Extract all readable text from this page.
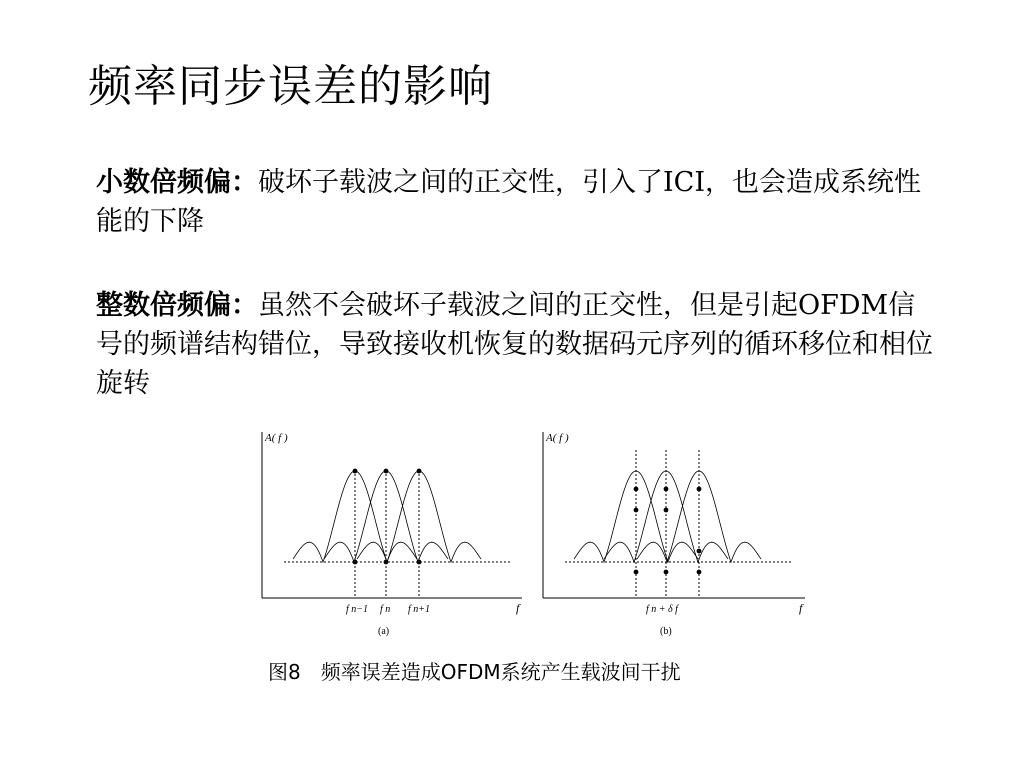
频率同步误差的影响
小数倍频偏：破坏子载波之间的正交性，引入了ICI，也会造成系统性能的下降
整数倍频偏：虽然不会破坏子载波之间的正交性，但是引起OFDM信号的频谱结构错位，导致接收机恢复的数据码元序列的循环移位和相位旋转
A( f )
f
f n−1 f n f n+1
(a)
A( f )
f
f n + δ f
(b)
图8 频率误差造成OFDM系统产生载波间干扰
